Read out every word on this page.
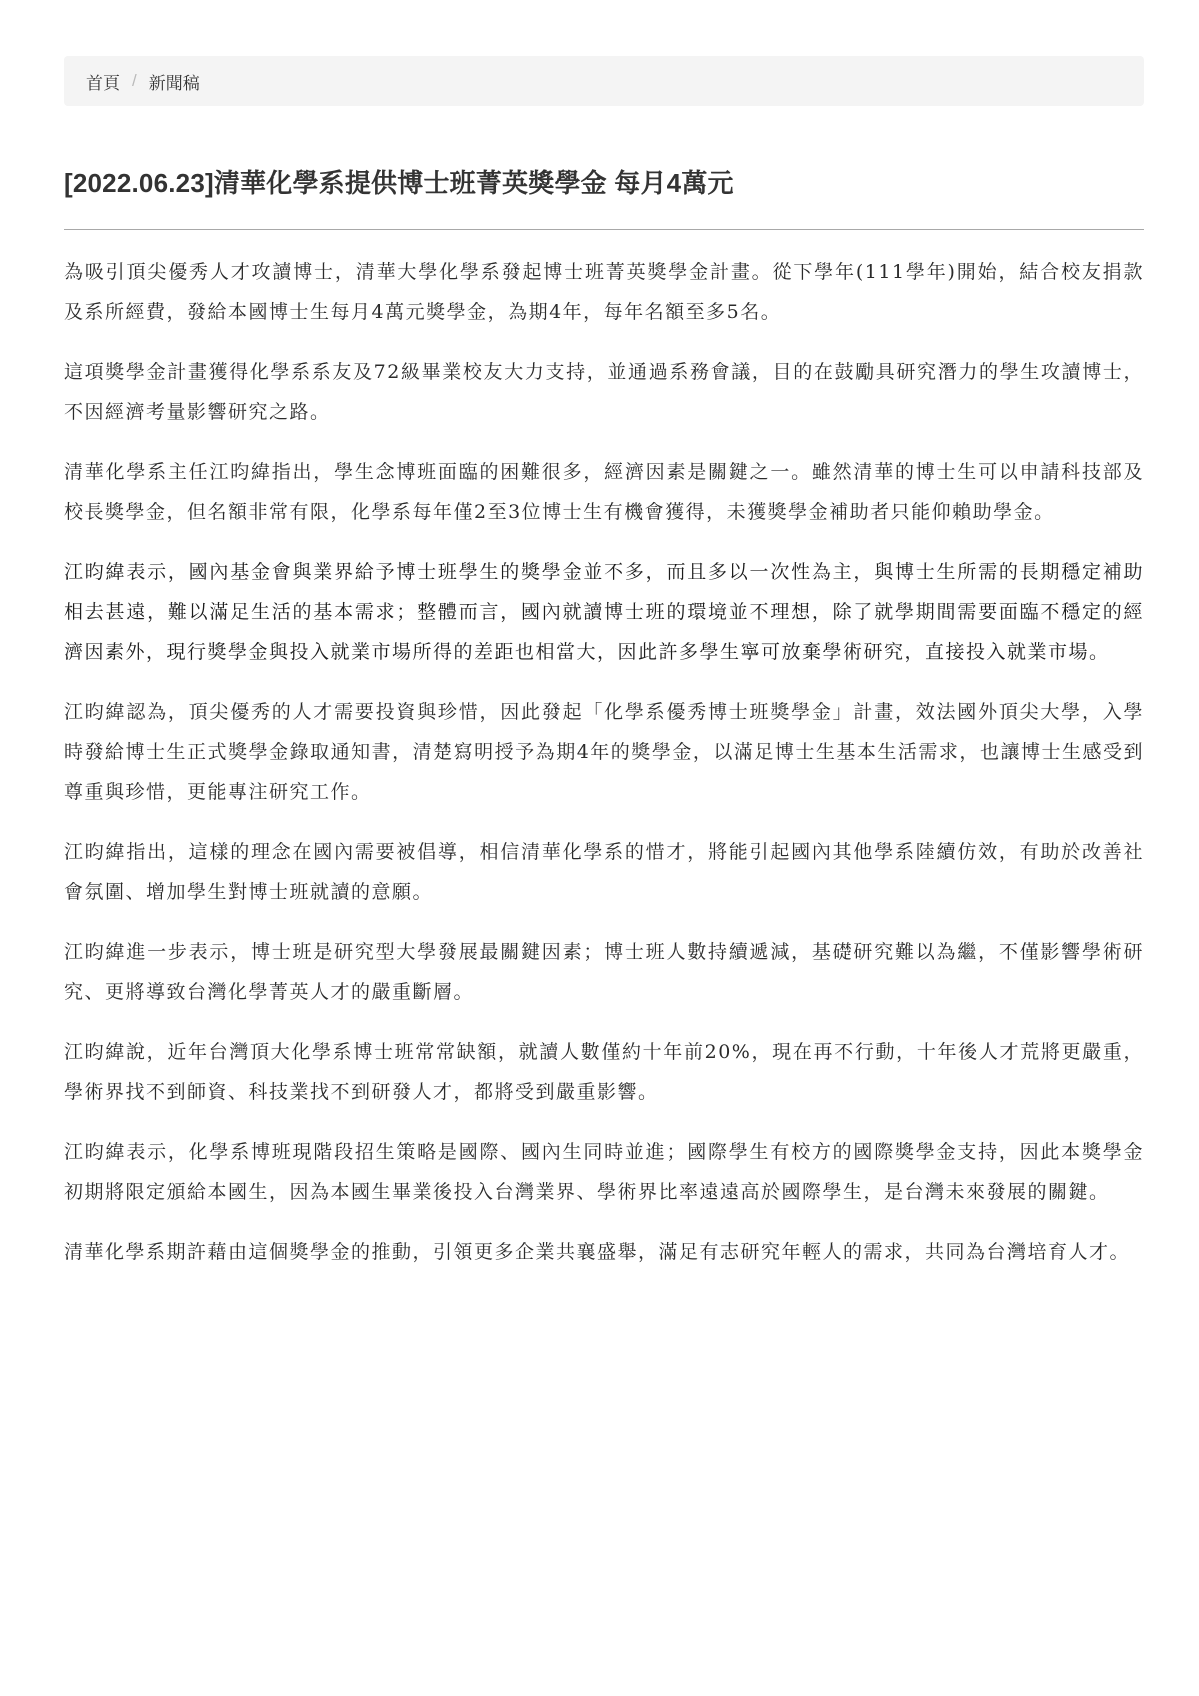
首頁 / 新聞稿
[2022.06.23]清華化學系提供博士班菁英獎學金 每月4萬元

為吸引頂尖優秀人才攻讀博士，清華大學化學系發起博士班菁英獎學金計畫。從下學年(111學年)開始，結合校友捐款及系所經費，發給本國博士生每月4萬元獎學金，為期4年，每年名額至多5名。

這項獎學金計畫獲得化學系系友及72級畢業校友大力支持，並通過系務會議，目的在鼓勵具研究潛力的學生攻讀博士，不因經濟考量影響研究之路。

清華化學系主任江昀緯指出，學生念博班面臨的困難很多，經濟因素是關鍵之一。雖然清華的博士生可以申請科技部及校長獎學金，但名額非常有限，化學系每年僅2至3位博士生有機會獲得，未獲獎學金補助者只能仰賴助學金。

江昀緯表示，國內基金會與業界給予博士班學生的獎學金並不多，而且多以一次性為主，與博士生所需的長期穩定補助相去甚遠，難以滿足生活的基本需求；整體而言，國內就讀博士班的環境並不理想，除了就學期間需要面臨不穩定的經濟因素外，現行獎學金與投入就業市場所得的差距也相當大，因此許多學生寧可放棄學術研究，直接投入就業市場。

江昀緯認為，頂尖優秀的人才需要投資與珍惜，因此發起「化學系優秀博士班獎學金」計畫，效法國外頂尖大學，入學時發給博士生正式獎學金錄取通知書，清楚寫明授予為期4年的獎學金，以滿足博士生基本生活需求，也讓博士生感受到尊重與珍惜，更能專注研究工作。

江昀緯指出，這樣的理念在國內需要被倡導，相信清華化學系的惜才，將能引起國內其他學系陸續仿效，有助於改善社會氛圍、增加學生對博士班就讀的意願。

江昀緯進一步表示，博士班是研究型大學發展最關鍵因素；博士班人數持續遞減，基礎研究難以為繼，不僅影響學術研究、更將導致台灣化學菁英人才的嚴重斷層。

江昀緯說，近年台灣頂大化學系博士班常常缺額，就讀人數僅約十年前20%，現在再不行動，十年後人才荒將更嚴重，學術界找不到師資、科技業找不到研發人才，都將受到嚴重影響。

江昀緯表示，化學系博班現階段招生策略是國際、國內生同時並進；國際學生有校方的國際獎學金支持，因此本獎學金初期將限定頒給本國生，因為本國生畢業後投入台灣業界、學術界比率遠遠高於國際學生，是台灣未來發展的關鍵。

清華化學系期許藉由這個獎學金的推動，引領更多企業共襄盛舉，滿足有志研究年輕人的需求，共同為台灣培育人才。
